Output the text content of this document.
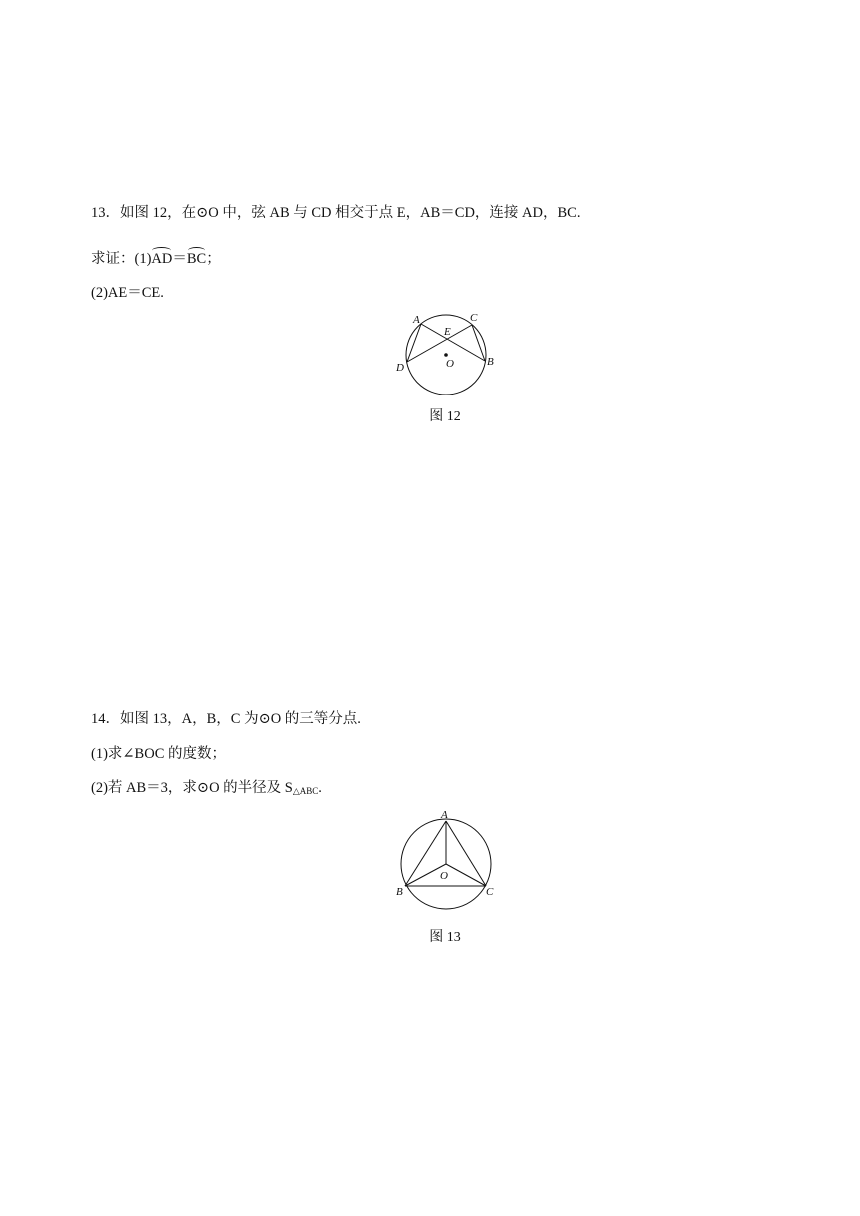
13．如图 12，在⊙O 中，弦 AB 与 CD 相交于点 E，AB＝CD，连接 AD，BC.
求证：(1)AD＝BC；
(2)AE＝CE.
A	C
E
O
D	B
图 12
14．如图 13，A，B，C 为⊙O 的三等分点.
(1)求∠BOC 的度数；
(2)若 AB＝3，求⊙O 的半径及 $S_{\triangle ABC}$.
A
O
B	C
图 13
